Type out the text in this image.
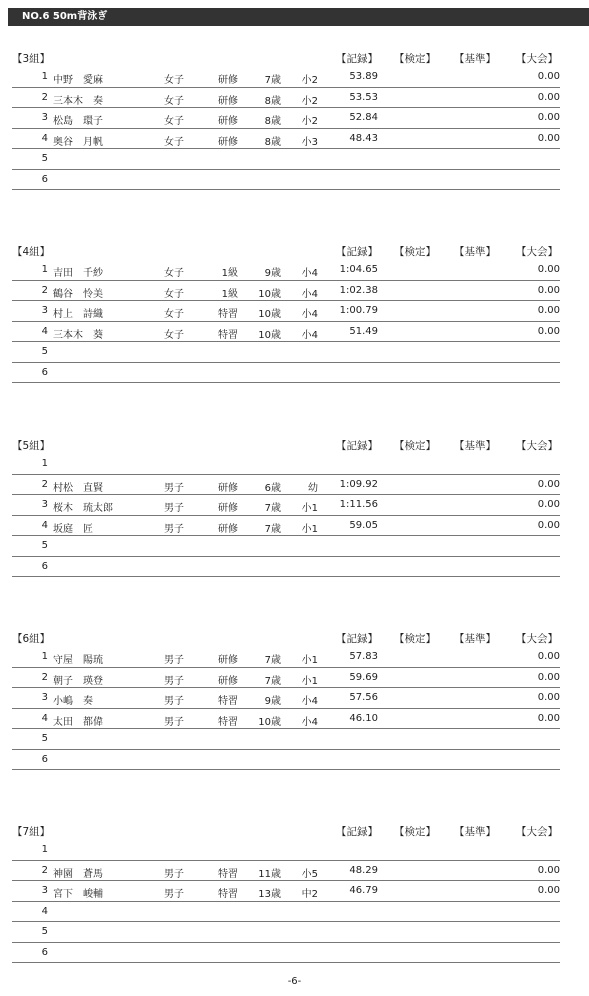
NO.6 50m背泳ぎ
【3組】	【記録】 【検定】 【基準】 【大会】
1 中野　愛麻	女子	研修	7歳	小2	53.89	0.00
2 三本木　奏	女子	研修	8歳	小2	53.53	0.00
3 松島　環子	女子	研修	8歳	小2	52.84	0.00
4 奥谷　月帆	女子	研修	8歳	小3	48.43	0.00
5
6
【4組】	【記録】 【検定】 【基準】 【大会】
1 吉田　千紗	女子	1級	9歳	小4	1:04.65	0.00
2 鶴谷　怜美	女子	1級	10歳	小4	1:02.38	0.00
3 村上　詩織	女子	特習	10歳	小4	1:00.79	0.00
4 三本木　葵	女子	特習	10歳	小4	51.49	0.00
5
6
【5組】	【記録】 【検定】 【基準】 【大会】
1
2 村松　直賢	男子	研修	6歳	幼	1:09.92	0.00
3 桜木　琉太郎	男子	研修	7歳	小1	1:11.56	0.00
4 坂庭　匠	男子	研修	7歳	小1	59.05	0.00
5
6
【6組】	【記録】 【検定】 【基準】 【大会】
1 守屋　陽琉	男子	研修	7歳	小1	57.83	0.00
2 朝子　瑛登	男子	研修	7歳	小1	59.69	0.00
3 小嶋　奏	男子	特習	9歳	小4	57.56	0.00
4 太田　都偉	男子	特習	10歳	小4	46.10	0.00
5
6
【7組】	【記録】 【検定】 【基準】 【大会】
1
2 神園　蒼馬	男子	特習	11歳	小5	48.29	0.00
3 宮下　峻輔	男子	特習	13歳	中2	46.79	0.00
4
5
6
-6-
